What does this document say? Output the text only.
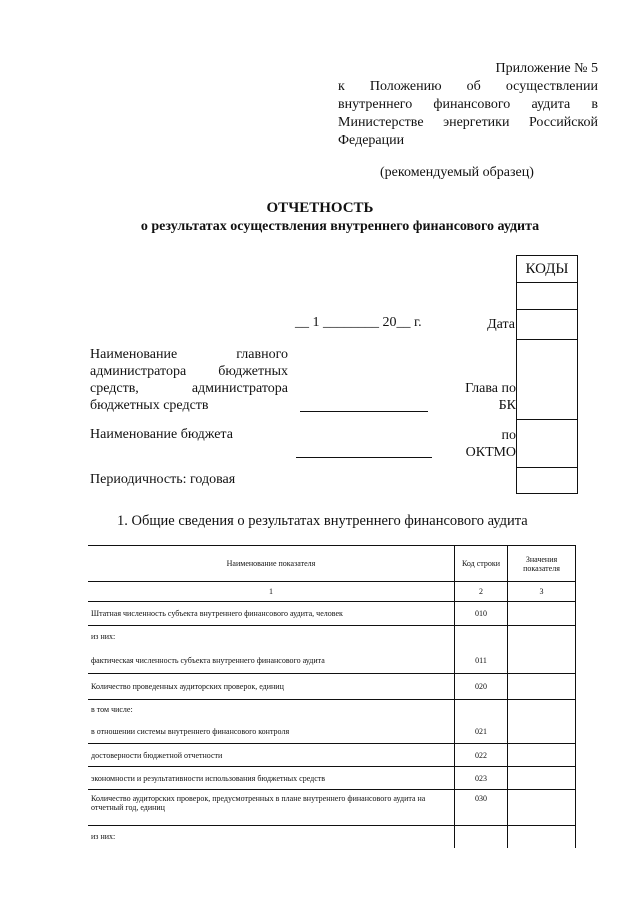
Приложение № 5
к Положению об осуществлении внутреннего финансового аудита в Министерстве энергетики Российской
Федерации
(рекомендуемый образец)
ОТЧЕТНОСТЬ
о результатах осуществления внутреннего финансового аудита
КОДЫ
__ 1 ________ 20__ г.	Дата
Наименование главного администратора бюджетных средств, администратора бюджетных средств
Глава по
БК
Наименование бюджета	по
ОКТМО
Периодичность: годовая
1. Общие сведения о результатах внутреннего финансового аудита
Наименование показателя	Код строки	Значения показателя
1	2	3
Штатная численность субъекта внутреннего финансового аудита, человек	010	
из них:		
фактическая численность субъекта внутреннего финансового аудита	011	
Количество проведенных аудиторских проверок, единиц	020	
в том числе:		
в отношении системы внутреннего финансового контроля	021	
достоверности бюджетной отчетности	022	
экономности и результативности использования бюджетных средств	023	
Количество аудиторских проверок, предусмотренных в плане внутреннего финансового аудита на отчетный год, единиц	030	
из них:		
